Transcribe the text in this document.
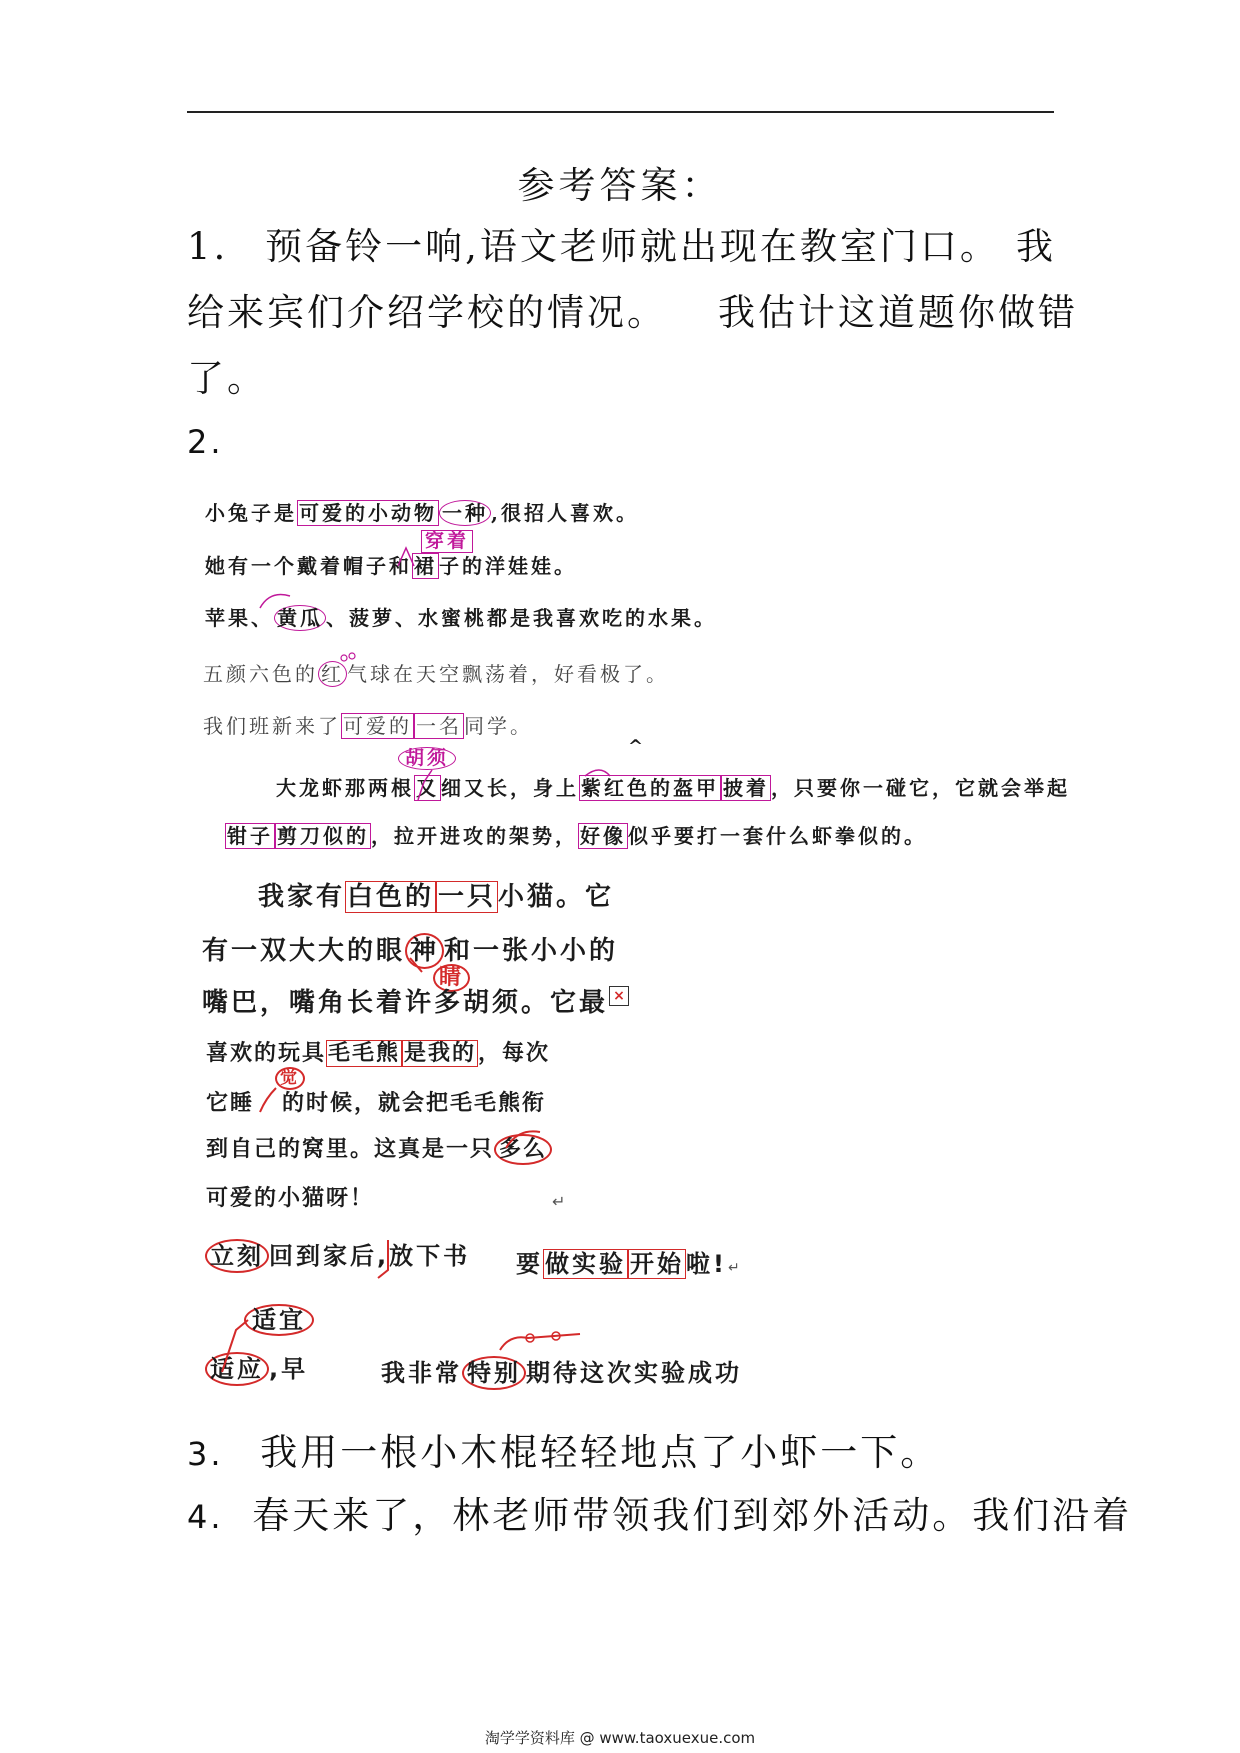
参考答案：
1. 预备铃一响,语文老师就出现在教室门口。 我
给来宾们介绍学校的情况。 我估计这道题你做错
了。
2.
小兔子是 可爱的小动物 一种 ,很招人喜欢。
穿着
她有一个戴着帽子和 裙 子的洋娃娃。
苹果、 黄瓜 、菠萝、水蜜桃都是我喜欢吃的水果。
五颜六色的 红 气球在天空飘荡着，好看极了。
我们班新来了 可爱的 一名 同学。
^
胡须
大龙虾那两根 又 细又长，身上 紫红色的盔甲 披着 ，只要你一碰它，它就会举起
钳子 剪刀似的 ，拉开进攻的架势， 好像 似乎要打一套什么虾拳似的。
我家有白色的 一只小猫。它
有一双大大的眼 神 和一张小小的
睛
嘴巴，嘴角长着许多胡须。它最 ×
喜欢的玩具毛毛熊 是我的，每次
觉
它睡 的时候，就会把毛毛熊衔
到自己的窝里。这真是一只 多么
可爱的小猫呀！	↵
立刻 回到家后,放下书 要做实验 开始啦! ↵
适宜
适应 ,早	我非常 特别 期待这次实验成功
3. 我用一根小木棍轻轻地点了小虾一下。
4. 春天来了，林老师带领我们到郊外活动。我们沿着
淘学学资料库 @ www.taoxuexue.com
